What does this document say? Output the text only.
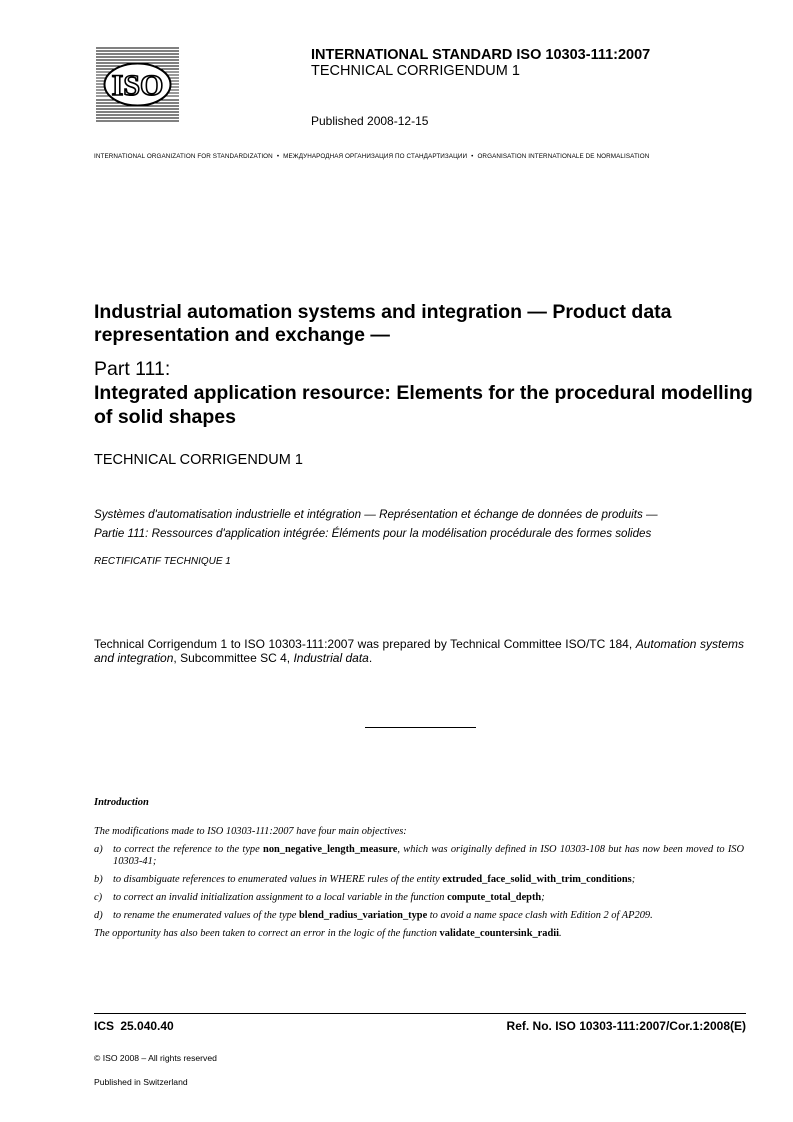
ISO
INTERNATIONAL STANDARD ISO 10303-111:2007
TECHNICAL CORRIGENDUM 1
Published 2008-12-15
INTERNATIONAL ORGANIZATION FOR STANDARDIZATION • МЕЖДУНАРОДНАЯ ОРГАНИЗАЦИЯ ПО СТАНДАРТИЗАЦИИ • ORGANISATION INTERNATIONALE DE NORMALISATION
Industrial automation systems and integration — Product data representation and exchange —
Part 111:
Integrated application resource: Elements for the procedural modelling of solid shapes
TECHNICAL CORRIGENDUM 1
Systèmes d'automatisation industrielle et intégration — Représentation et échange de données de produits —
Partie 111: Ressources d'application intégrée: Éléments pour la modélisation procédurale des formes solides
RECTIFICATIF TECHNIQUE 1
Technical Corrigendum 1 to ISO 10303-111:2007 was prepared by Technical Committee ISO/TC 184, Automation systems and integration, Subcommittee SC 4, Industrial data.
Introduction

The modifications made to ISO 10303-111:2007 have four main objectives:

a) to correct the reference to the type non_negative_length_measure, which was originally defined in ISO 10303-108 but has now been moved to ISO 10303-41;
b) to disambiguate references to enumerated values in WHERE rules of the entity extruded_face_solid_with_trim_conditions;
c) to correct an invalid initialization assignment to a local variable in the function compute_total_depth;
d) to rename the enumerated values of the type blend_radius_variation_type to avoid a name space clash with Edition 2 of AP209.

The opportunity has also been taken to correct an error in the logic of the function validate_countersink_radii.

ICS 25.040.40	Ref. No. ISO 10303-111:2007/Cor.1:2008(E)
© ISO 2008 – All rights reserved
Published in Switzerland
